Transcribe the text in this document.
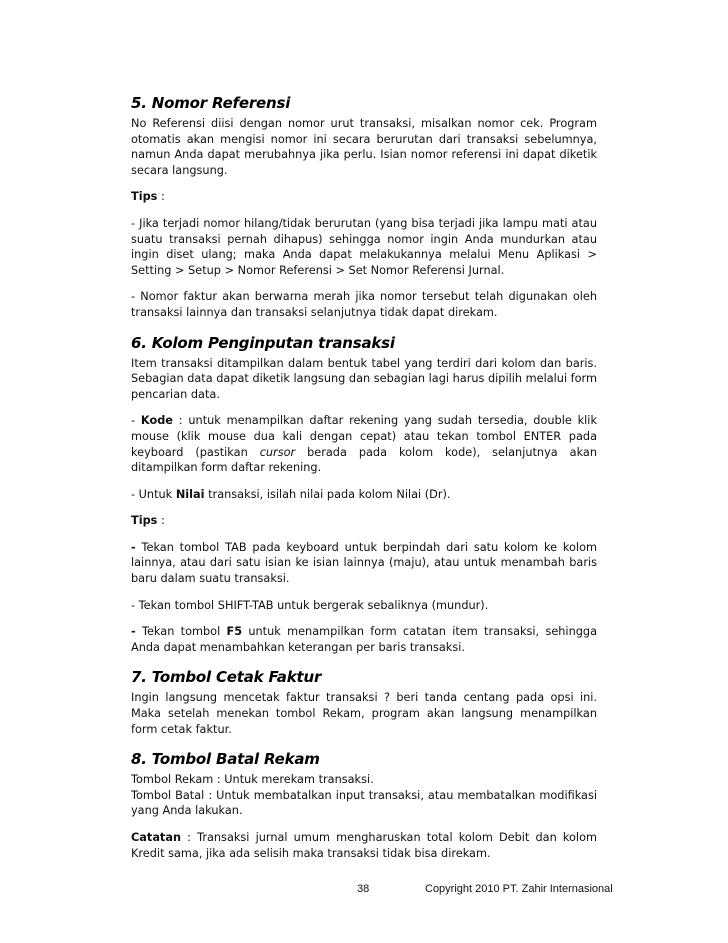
5. Nomor Referensi

No Referensi diisi dengan nomor urut transaksi, misalkan nomor cek. Program otomatis akan mengisi nomor ini secara berurutan dari transaksi sebelumnya, namun Anda dapat merubahnya jika perlu. Isian nomor referensi ini dapat diketik secara langsung.

Tips :

- Jika terjadi nomor hilang/tidak berurutan (yang bisa terjadi jika lampu mati atau suatu transaksi pernah dihapus) sehingga nomor ingin Anda mundurkan atau ingin diset ulang; maka Anda dapat melakukannya melalui Menu Aplikasi > Setting > Setup > Nomor Referensi > Set Nomor Referensi Jurnal.

- Nomor faktur akan berwarna merah jika nomor tersebut telah digunakan oleh transaksi lainnya dan transaksi selanjutnya tidak dapat direkam.

6. Kolom Penginputan transaksi

Item transaksi ditampilkan dalam bentuk tabel yang terdiri dari kolom dan baris. Sebagian data dapat diketik langsung dan sebagian lagi harus dipilih melalui form pencarian data.

- Kode : untuk menampilkan daftar rekening yang sudah tersedia, double klik mouse (klik mouse dua kali dengan cepat) atau tekan tombol ENTER pada keyboard (pastikan cursor berada pada kolom kode), selanjutnya akan ditampilkan form daftar rekening.

- Untuk Nilai transaksi, isilah nilai pada kolom Nilai (Dr).

Tips :

- Tekan tombol TAB pada keyboard untuk berpindah dari satu kolom ke kolom lainnya, atau dari satu isian ke isian lainnya (maju), atau untuk menambah baris baru dalam suatu transaksi.

- Tekan tombol SHIFT-TAB untuk bergerak sebaliknya (mundur).

- Tekan tombol F5 untuk menampilkan form catatan item transaksi, sehingga Anda dapat menambahkan keterangan per baris transaksi.

7. Tombol Cetak Faktur

Ingin langsung mencetak faktur transaksi ? beri tanda centang pada opsi ini. Maka setelah menekan tombol Rekam, program akan langsung menampilkan form cetak faktur.

8. Tombol Batal Rekam

Tombol Rekam : Untuk merekam transaksi.

Tombol Batal : Untuk membatalkan input transaksi, atau membatalkan modifikasi yang Anda lakukan.

Catatan : Transaksi jurnal umum mengharuskan total kolom Debit dan kolom Kredit sama, jika ada selisih maka transaksi tidak bisa direkam.

38	Copyright 2010 PT. Zahir Internasional
